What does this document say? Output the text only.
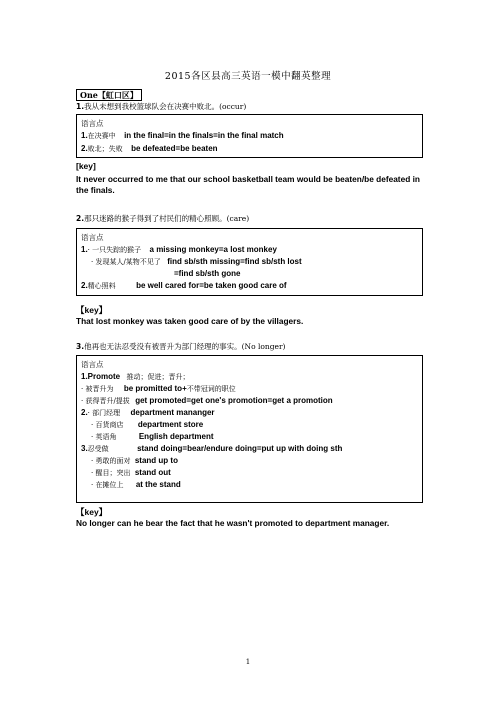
2015各区县高三英语一模中翻英整理
One【虹口区】
1.我从未想到我校篮球队会在决赛中败北。(occur)
语言点
1.在决赛中 in the final=in the finals=in the final match
2.败北；失败 be defeated=be beaten
[key]
It never occurred to me that our school basketball team would be beaten/be defeated in the finals.
2.那只迷路的猴子得到了村民们的精心照顾。(care)
语言点
1.· 一只失踪的猴子 a missing monkey=a lost monkey
· 发现某人/某物不见了 find sb/sth missing=find sb/sth lost
=find sb/sth gone
2.精心照料	be well cared for=be taken good care of
【key】
That lost monkey was taken good care of by the villagers.
3.他再也无法忍受没有被晋升为部门经理的事实。(No longer)
语言点
1.Promote 推动；促进；晋升；
· 被晋升为 be promitted to+不带冠词的职位
· 获得晋升/提拔 get promoted=get one's promotion=get a promotion
2.· 部门经理 department mananger
· 百货商店 department store
· 英语角	English department
3.忍受做	stand doing=bear/endure doing=put up with doing sth
· 勇敢的面对 stand up to
· 醒目；突出 stand out
· 在摊位上 at the stand
【key】
No longer can he bear the fact that he wasn't promoted to department manager.
1
